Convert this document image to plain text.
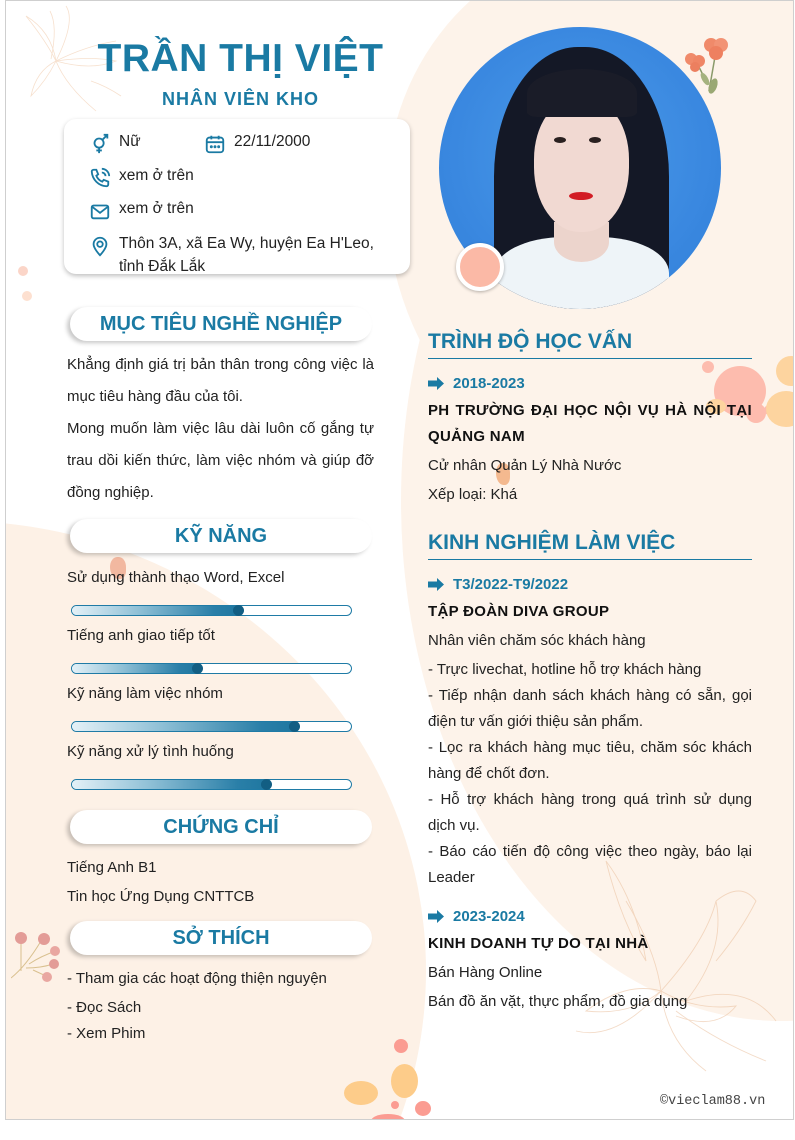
TRẦN THỊ VIỆT
NHÂN VIÊN KHO
Nữ	22/11/2000
xem ở trên
xem ở trên
Thôn 3A, xã Ea Wy, huyện Ea H'Leo,
tỉnh Đắk Lắk
MỤC TIÊU NGHỀ NGHIỆP
Khẳng định giá trị bản thân trong công việc là mục tiêu hàng đầu của tôi.
Mong muốn làm việc lâu dài luôn cố gắng tự trau dồi kiến thức, làm việc nhóm và giúp đỡ đồng nghiệp.
KỸ NĂNG
Sử dụng thành thạo Word, Excel
Tiếng anh giao tiếp tốt
Kỹ năng làm việc nhóm
Kỹ năng xử lý tình huống
CHỨNG CHỈ
Tiếng Anh B1
Tin học Ứng Dụng CNTTCB
SỞ THÍCH
- Tham gia các hoạt động thiện nguyện
- Đọc Sách
- Xem Phim
TRÌNH ĐỘ HỌC VẤN
2018-2023
PH TRƯỜNG ĐẠI HỌC NỘI VỤ HÀ NỘI TẠI QUẢNG NAM
Cử nhân Quản Lý Nhà Nước
Xếp loại: Khá
KINH NGHIỆM LÀM VIỆC
T3/2022-T9/2022
TẬP ĐOÀN DIVA GROUP
Nhân viên chăm sóc khách hàng
- Trực livechat, hotline hỗ trợ khách hàng
- Tiếp nhận danh sách khách hàng có sẵn, gọi điện tư vấn giới thiệu sản phẩm.
- Lọc ra khách hàng mục tiêu, chăm sóc khách hàng để chốt đơn.
- Hỗ trợ khách hàng trong quá trình sử dụng dịch vụ.
- Báo cáo tiến độ công việc theo ngày, báo lại Leader
2023-2024
KINH DOANH TỰ DO TẠI NHÀ
Bán Hàng Online
Bán đồ ăn vặt, thực phẩm, đồ gia dụng
©vieclam88.vn
